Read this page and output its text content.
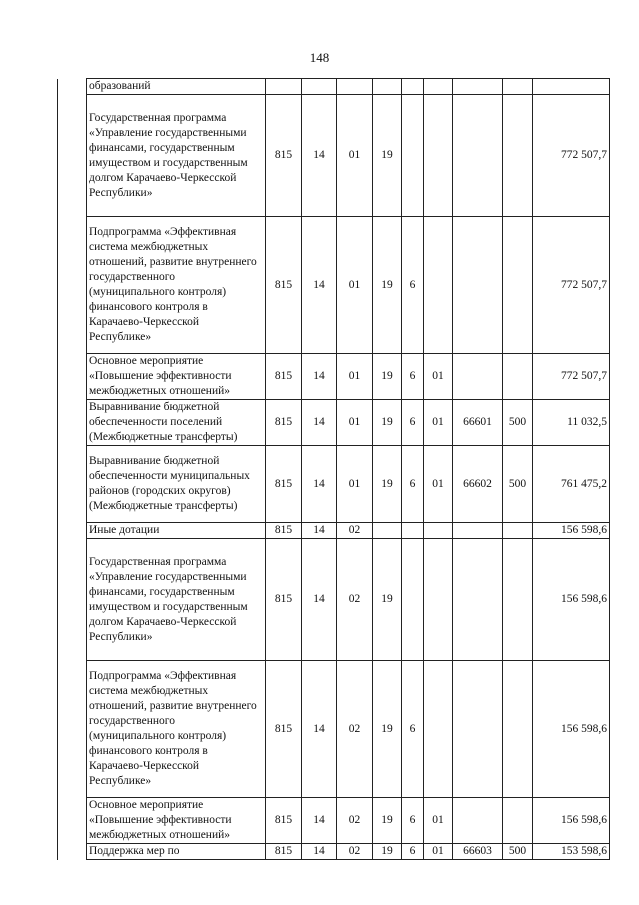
148
	образований									
	Государственная программа «Управление государственными финансами, государственным имуществом и государственным долгом Карачаево-Черкесской Республики»	815	14	01	19					772 507,7
	Подпрограмма «Эффективная система межбюджетных отношений, развитие внутреннего государственного (муниципального контроля) финансового контроля в Карачаево-Черкесской Республике»	815	14	01	19	6				772 507,7
	Основное мероприятие «Повышение эффективности межбюджетных отношений»	815	14	01	19	6	01			772 507,7
	Выравнивание бюджетной обеспеченности поселений (Межбюджетные трансферты)	815	14	01	19	6	01	66601	500	11 032,5
	Выравнивание бюджетной обеспеченности муниципальных районов (городских округов) (Межбюджетные трансферты)	815	14	01	19	6	01	66602	500	761 475,2
	Иные дотации	815	14	02						156 598,6
	Государственная программа «Управление государственными финансами, государственным имуществом и государственным долгом Карачаево-Черкесской Республики»	815	14	02	19					156 598,6
	Подпрограмма «Эффективная система межбюджетных отношений, развитие внутреннего государственного (муниципального контроля) финансового контроля в Карачаево-Черкесской Республике»	815	14	02	19	6				156 598,6
	Основное мероприятие «Повышение эффективности межбюджетных отношений»	815	14	02	19	6	01			156 598,6
	Поддержка мер по	815	14	02	19	6	01	66603	500	153 598,6
